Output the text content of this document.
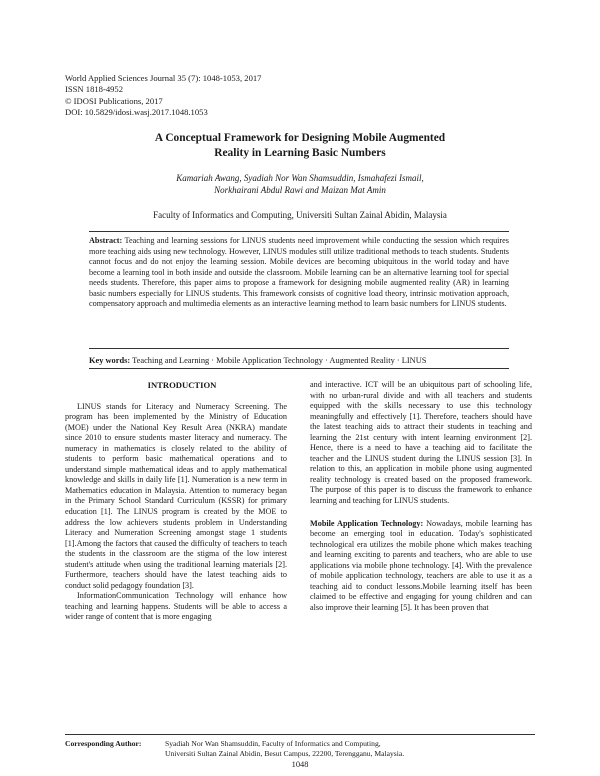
World Applied Sciences Journal 35 (7): 1048-1053, 2017
ISSN 1818-4952
© IDOSI Publications, 2017
DOI: 10.5829/idosi.wasj.2017.1048.1053
A Conceptual Framework for Designing Mobile Augmented
Reality in Learning Basic Numbers
Kamariah Awang, Syadiah Nor Wan Shamsuddin, Ismahafezi Ismail,
Norkhairani Abdul Rawi and Maizan Mat Amin
Faculty of Informatics and Computing, Universiti Sultan Zainal Abidin, Malaysia
Abstract: Teaching and learning sessions for LINUS students need improvement while conducting the session which requires more teaching aids using new technology. However, LINUS modules still utilize traditional methods to teach students. Students cannot focus and do not enjoy the learning session. Mobile devices are becoming ubiquitous in the world today and have become a learning tool in both inside and outside the classroom. Mobile learning can be an alternative learning tool for special needs students. Therefore, this paper aims to propose a framework for designing mobile augmented reality (AR) in learning basic numbers especially for LINUS students. This framework consists of cognitive load theory, intrinsic motivation approach, compensatory approach and multimedia elements as an interactive learning method to learn basic numbers for LINUS students.
Key words: Teaching and Learning · Mobile Application Technology · Augmented Reality · LINUS

INTRODUCTION

LINUS stands for Literacy and Numeracy Screening. The program has been implemented by the Ministry of Education (MOE) under the National Key Result Area (NKRA) mandate since 2010 to ensure students master literacy and numeracy. The numeracy in mathematics is closely related to the ability of students to perform basic mathematical operations and to understand simple mathematical ideas and to apply mathematical knowledge and skills in daily life [1]. Numeration is a new term in Mathematics education in Malaysia. Attention to numeracy began in the Primary School Standard Curriculum (KSSR) for primary education [1]. The LINUS program is created by the MOE to address the low achievers students problem in Understanding Literacy and Numeration Screening amongst stage 1 students [1].Among the factors that caused the difficulty of teachers to teach the students in the classroom are the stigma of the low interest student's attitude when using the traditional learning materials [2]. Furthermore, teachers should have the latest teaching aids to conduct solid pedagogy foundation [3].

InformationCommunication Technology will enhance how teaching and learning happens. Students will be able to access a wider range of content that is more engaging

and interactive. ICT will be an ubiquitous part of schooling life, with no urban-rural divide and with all teachers and students equipped with the skills necessary to use this technology meaningfully and effectively [1]. Therefore, teachers should have the latest teaching aids to attract their students in teaching and learning the 21st century with intent learning environment [2]. Hence, there is a need to have a teaching aid to facilitate the teacher and the LINUS student during the LINUS session [3]. In relation to this, an application in mobile phone using augmented reality technology is created based on the proposed framework. The purpose of this paper is to discuss the framework to enhance learning and teaching for LINUS students.

Mobile Application Technology: Nowadays, mobile learning has become an emerging tool in education. Today's sophisticated technological era utilizes the mobile phone which makes teaching and learning exciting to parents and teachers, who are able to use applications via mobile phone technology. [4]. With the prevalence of mobile application technology, teachers are able to use it as a teaching aid to conduct lessons.Mobile learning itself has been claimed to be effective and engaging for young children and can also improve their learning [5]. It has been proven that

Corresponding Author:	Syadiah Nor Wan Shamsuddin, Faculty of Informatics and Computing,
Universiti Sultan Zainal Abidin, Besut Campus, 22200, Terengganu, Malaysia.
1048
